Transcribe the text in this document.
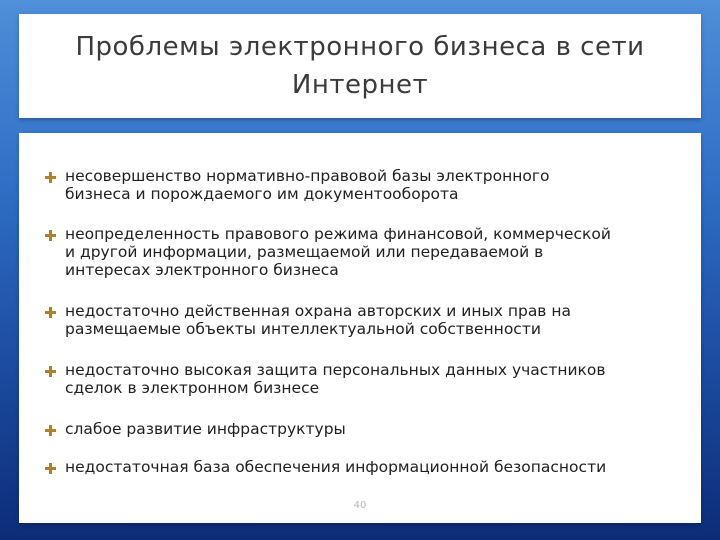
Проблемы электронного бизнеса в сети
Интернет
несовершенство нормативно-правовой базы электронного
бизнеса и порождаемого им документооборота
неопределенность правового режима финансовой, коммерческой
и другой информации, размещаемой или передаваемой в
интересах электронного бизнеса
недостаточно действенная охрана авторских и иных прав на
размещаемые объекты интеллектуальной собственности
недостаточно высокая защита персональных данных участников
сделок в электронном бизнесе
слабое развитие инфраструктуры
недостаточная база обеспечения информационной безопасности
40
